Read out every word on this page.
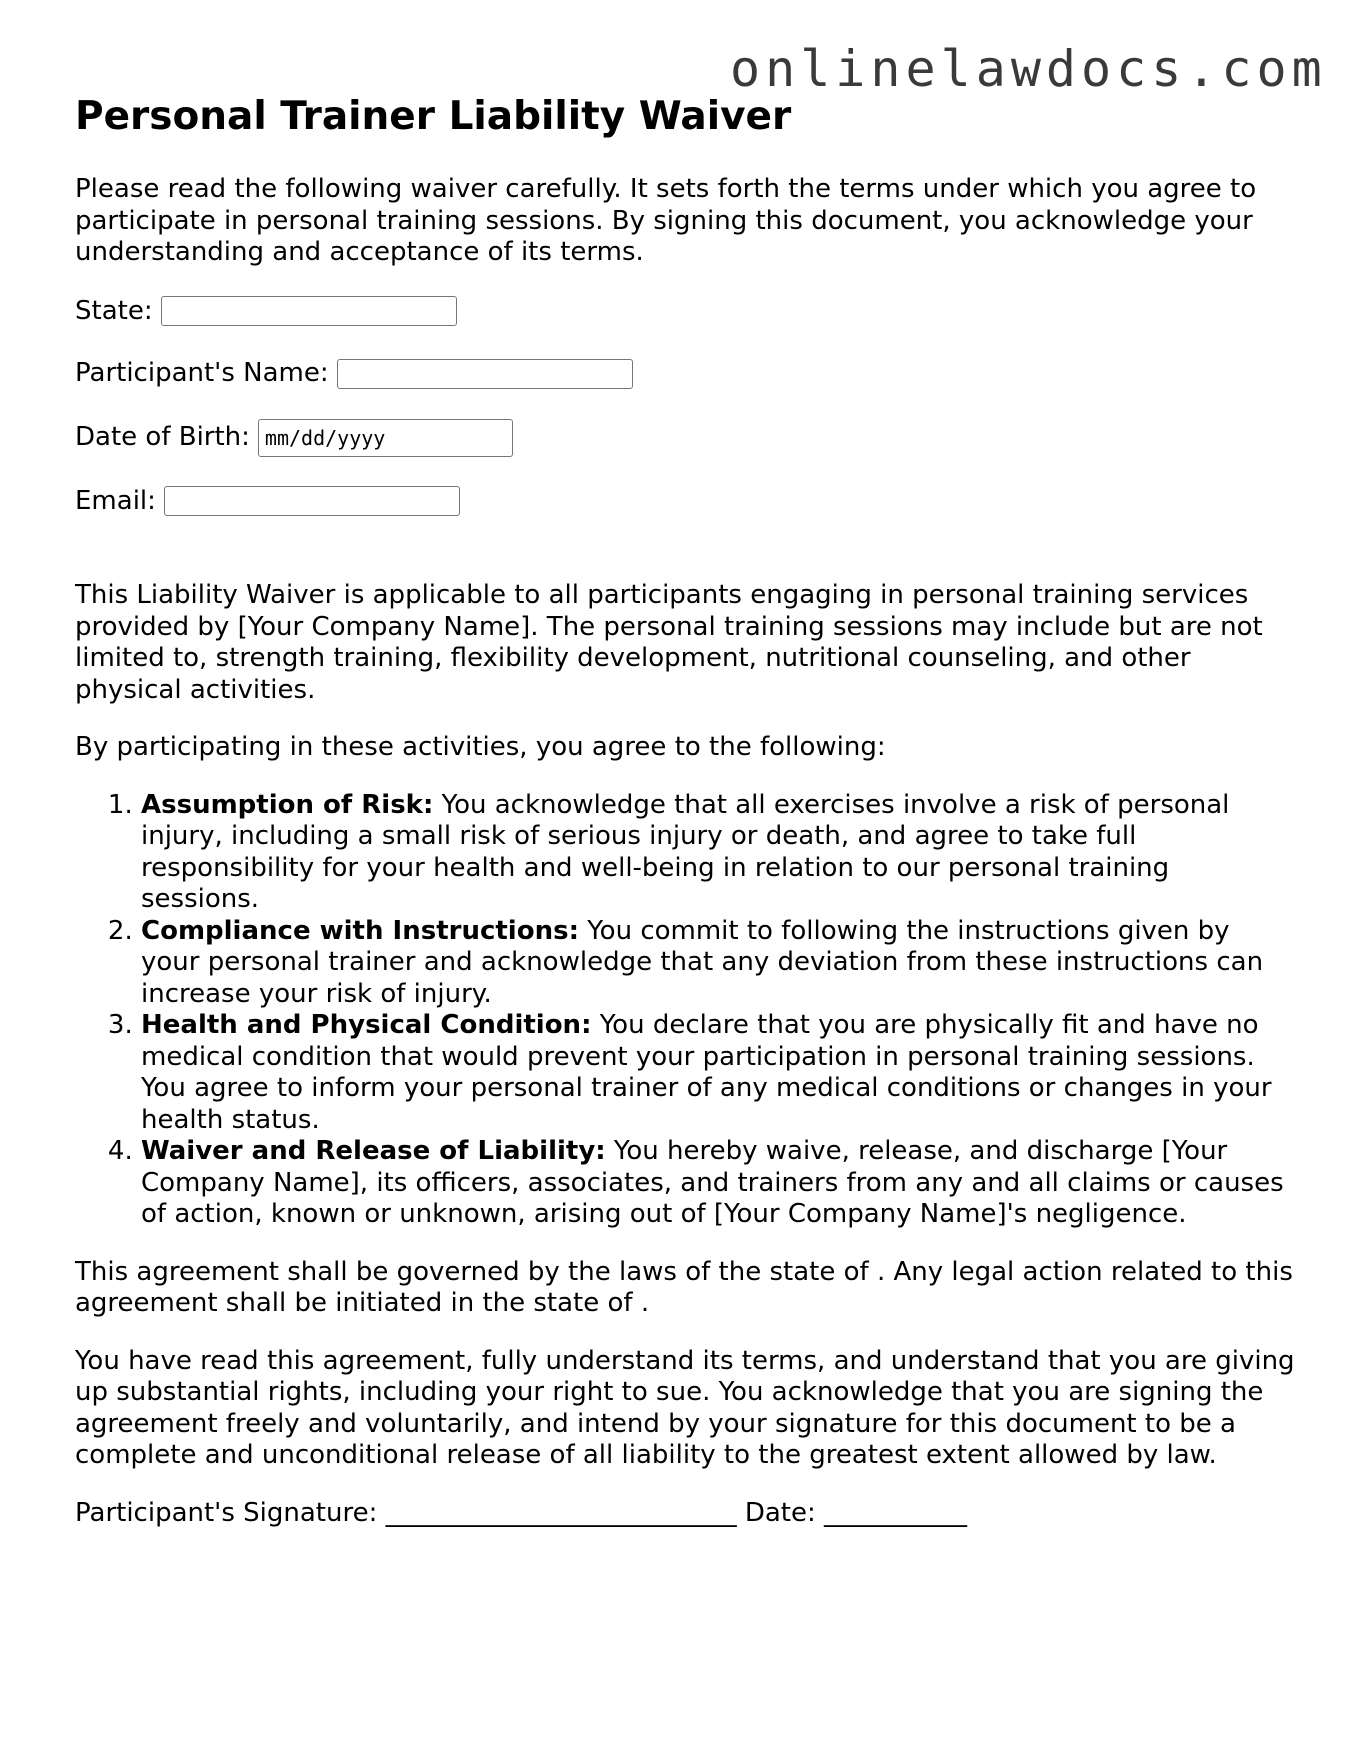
onlinelawdocs.com
Personal Trainer Liability Waiver

Please read the following waiver carefully. It sets forth the terms under which you agree to participate in personal training sessions. By signing this document, you acknowledge your understanding and acceptance of its terms.

State:
Participant's Name:
Date of Birth:
mm/dd/yyyy
Email:

This Liability Waiver is applicable to all participants engaging in personal training services provided by [Your Company Name]. The personal training sessions may include but are not limited to, strength training, flexibility development, nutritional counseling, and other physical activities.

By participating in these activities, you agree to the following:

1. Assumption of Risk: You acknowledge that all exercises involve a risk of personal injury, including a small risk of serious injury or death, and agree to take full responsibility for your health and well-being in relation to our personal training sessions.
2. Compliance with Instructions: You commit to following the instructions given by your personal trainer and acknowledge that any deviation from these instructions can increase your risk of injury.
3. Health and Physical Condition: You declare that you are physically fit and have no medical condition that would prevent your participation in personal training sessions. You agree to inform your personal trainer of any medical conditions or changes in your health status.
4. Waiver and Release of Liability: You hereby waive, release, and discharge [Your Company Name], its officers, associates, and trainers from any and all claims or causes of action, known or unknown, arising out of [Your Company Name]'s negligence.

This agreement shall be governed by the laws of the state of . Any legal action related to this agreement shall be initiated in the state of .

You have read this agreement, fully understand its terms, and understand that you are giving up substantial rights, including your right to sue. You acknowledge that you are signing the agreement freely and voluntarily, and intend by your signature for this document to be a complete and unconditional release of all liability to the greatest extent allowed by law.

Participant's Signature: ___________________________ Date: ___________
